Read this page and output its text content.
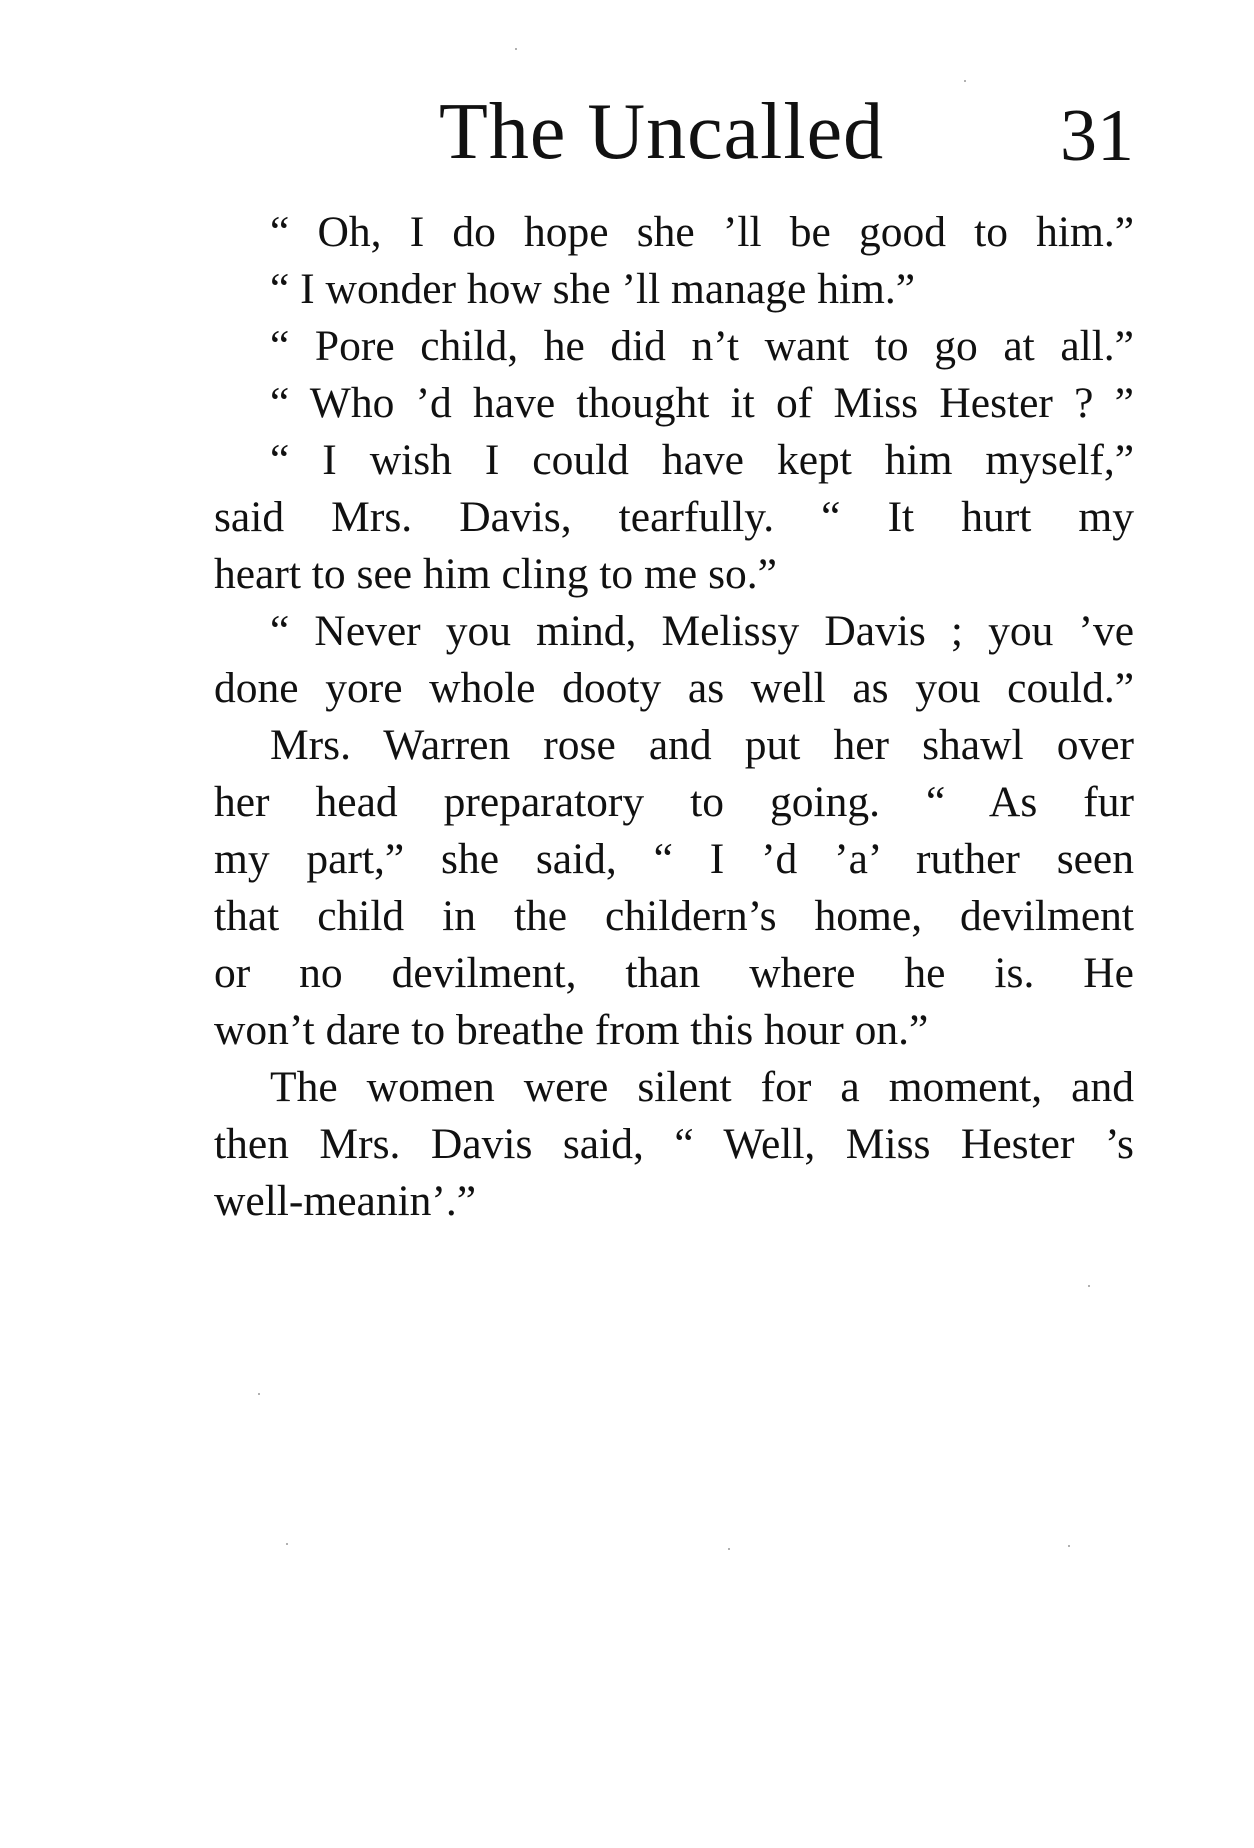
The Uncalled 31
“ Oh, I do hope she ’ll be good to him.”
“ I wonder how she ’ll manage him.”
“ Pore child, he did n’t want to go at all.”
“ Who ’d have thought it of Miss Hester ? ”
“ I wish I could have kept him myself,”
said Mrs. Davis, tearfully. “ It hurt my
heart to see him cling to me so.”
“ Never you mind, Melissy Davis ; you ’ve
done yore whole dooty as well as you could.”
Mrs. Warren rose and put her shawl over
her head preparatory to going. “ As fur
my part,” she said, “ I ’d ’a’ ruther seen
that child in the childern’s home, devilment
or no devilment, than where he is. He
won’t dare to breathe from this hour on.”
The women were silent for a moment, and
then Mrs. Davis said, “ Well, Miss Hester ’s
well-meanin’.”
